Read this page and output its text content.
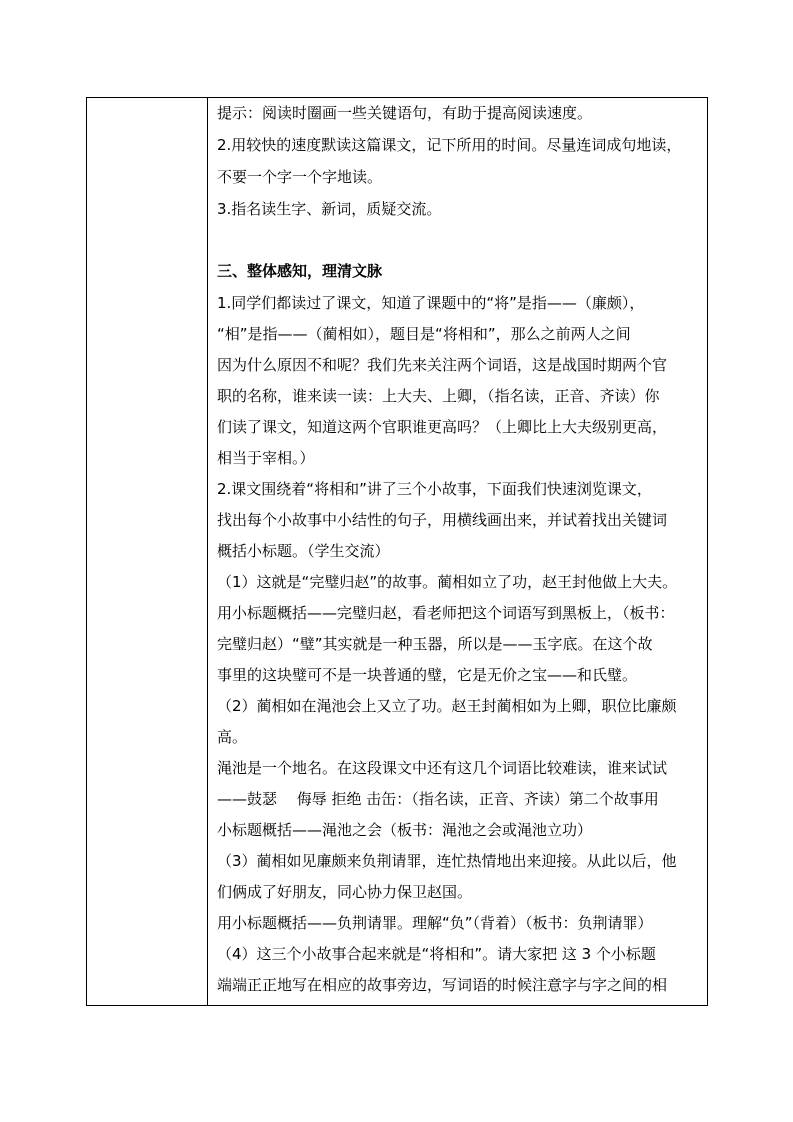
提示：阅读时圈画一些关键语句，有助于提高阅读速度。
2.用较快的速度默读这篇课文，记下所用的时间。尽量连词成句地读，
不要一个字一个字地读。
3.指名读生字、新词，质疑交流。
三、整体感知，理清文脉
1.同学们都读过了课文，知道了课题中的“将”是指——（廉颇），
“相”是指——（蔺相如），题目是“将相和”，那么之前两人之间
因为什么原因不和呢？我们先来关注两个词语，这是战国时期两个官
职的名称，谁来读一读：上大夫、上卿，（指名读，正音、齐读）你
们读了课文，知道这两个官职谁更高吗？（上卿比上大夫级别更高，
相当于宰相。）
2.课文围绕着“将相和”讲了三个小故事，下面我们快速浏览课文，
找出每个小故事中小结性的句子，用横线画出来，并试着找出关键词
概括小标题。（学生交流）
（1）这就是“完璧归赵”的故事。蔺相如立了功，赵王封他做上大夫。
用小标题概括——完璧归赵，看老师把这个词语写到黑板上，（板书：
完璧归赵）“璧”其实就是一种玉器，所以是——玉字底。在这个故
事里的这块璧可不是一块普通的璧，它是无价之宝——和氏璧。
（2）蔺相如在渑池会上又立了功。赵王封蔺相如为上卿，职位比廉颇
高。
渑池是一个地名。在这段课文中还有这几个词语比较难读，谁来试试
——鼓瑟　 侮辱 拒绝 击缶：（指名读，正音、齐读）第二个故事用
小标题概括——渑池之会（板书：渑池之会或渑池立功）
（3）蔺相如见廉颇来负荆请罪，连忙热情地出来迎接。从此以后，他
们俩成了好朋友，同心协力保卫赵国。
用小标题概括——负荆请罪。理解“负”（背着）（板书：负荆请罪）
（4）这三个小故事合起来就是“将相和”。请大家把 这 3 个小标题
端端正正地写在相应的故事旁边，写词语的时候注意字与字之间的相
